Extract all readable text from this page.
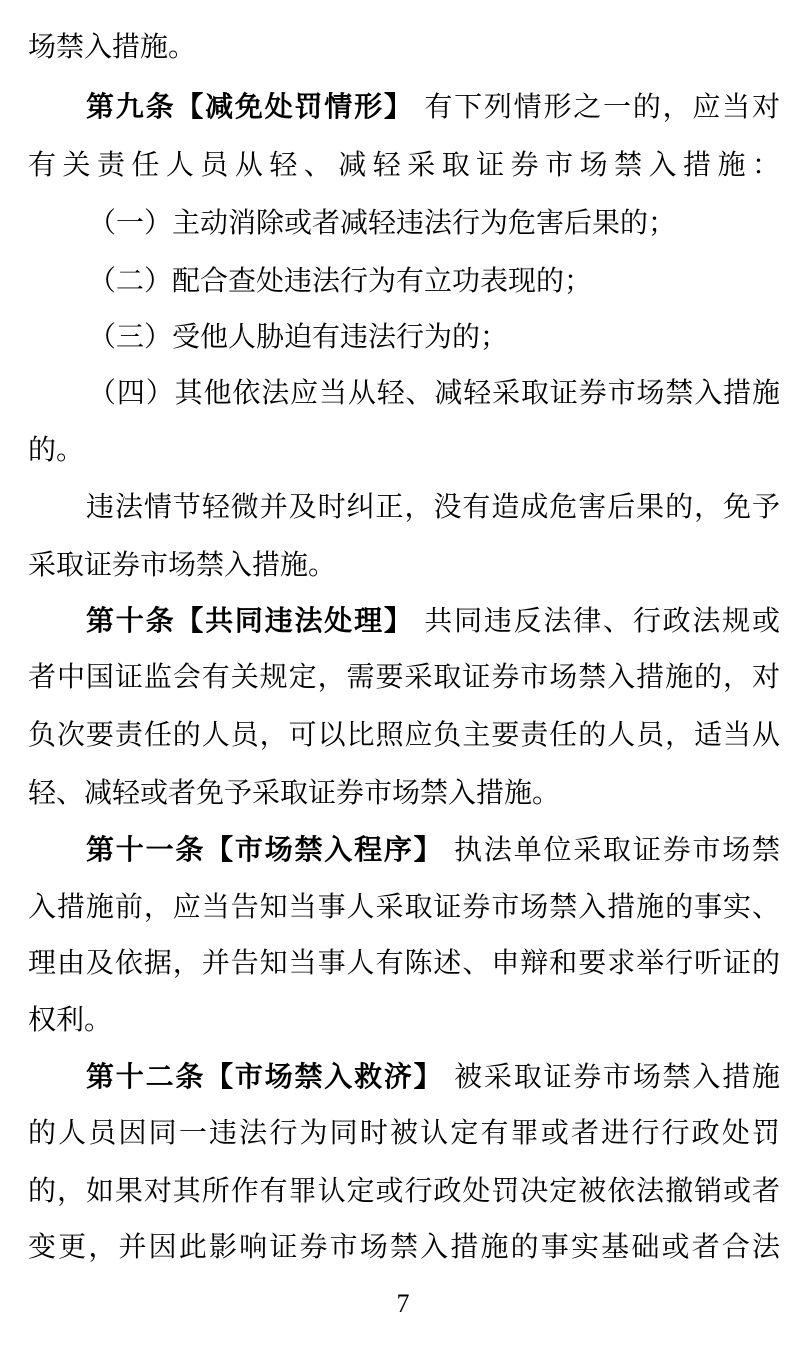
场禁入措施。
第九条【减免处罚情形】 有下列情形之一的，应当对
有关责任人员从轻、减轻采取证券市场禁入措施：
（一）主动消除或者减轻违法行为危害后果的；
（二）配合查处违法行为有立功表现的；
（三）受他人胁迫有违法行为的；
（四）其他依法应当从轻、减轻采取证券市场禁入措施
的。
违法情节轻微并及时纠正，没有造成危害后果的，免予
采取证券市场禁入措施。
第十条【共同违法处理】 共同违反法律、行政法规或
者中国证监会有关规定，需要采取证券市场禁入措施的，对
负次要责任的人员，可以比照应负主要责任的人员，适当从
轻、减轻或者免予采取证券市场禁入措施。
第十一条【市场禁入程序】 执法单位采取证券市场禁
入措施前，应当告知当事人采取证券市场禁入措施的事实、
理由及依据，并告知当事人有陈述、申辩和要求举行听证的
权利。
第十二条【市场禁入救济】 被采取证券市场禁入措施
的人员因同一违法行为同时被认定有罪或者进行行政处罚
的，如果对其所作有罪认定或行政处罚决定被依法撤销或者
变更，并因此影响证券市场禁入措施的事实基础或者合法
7
